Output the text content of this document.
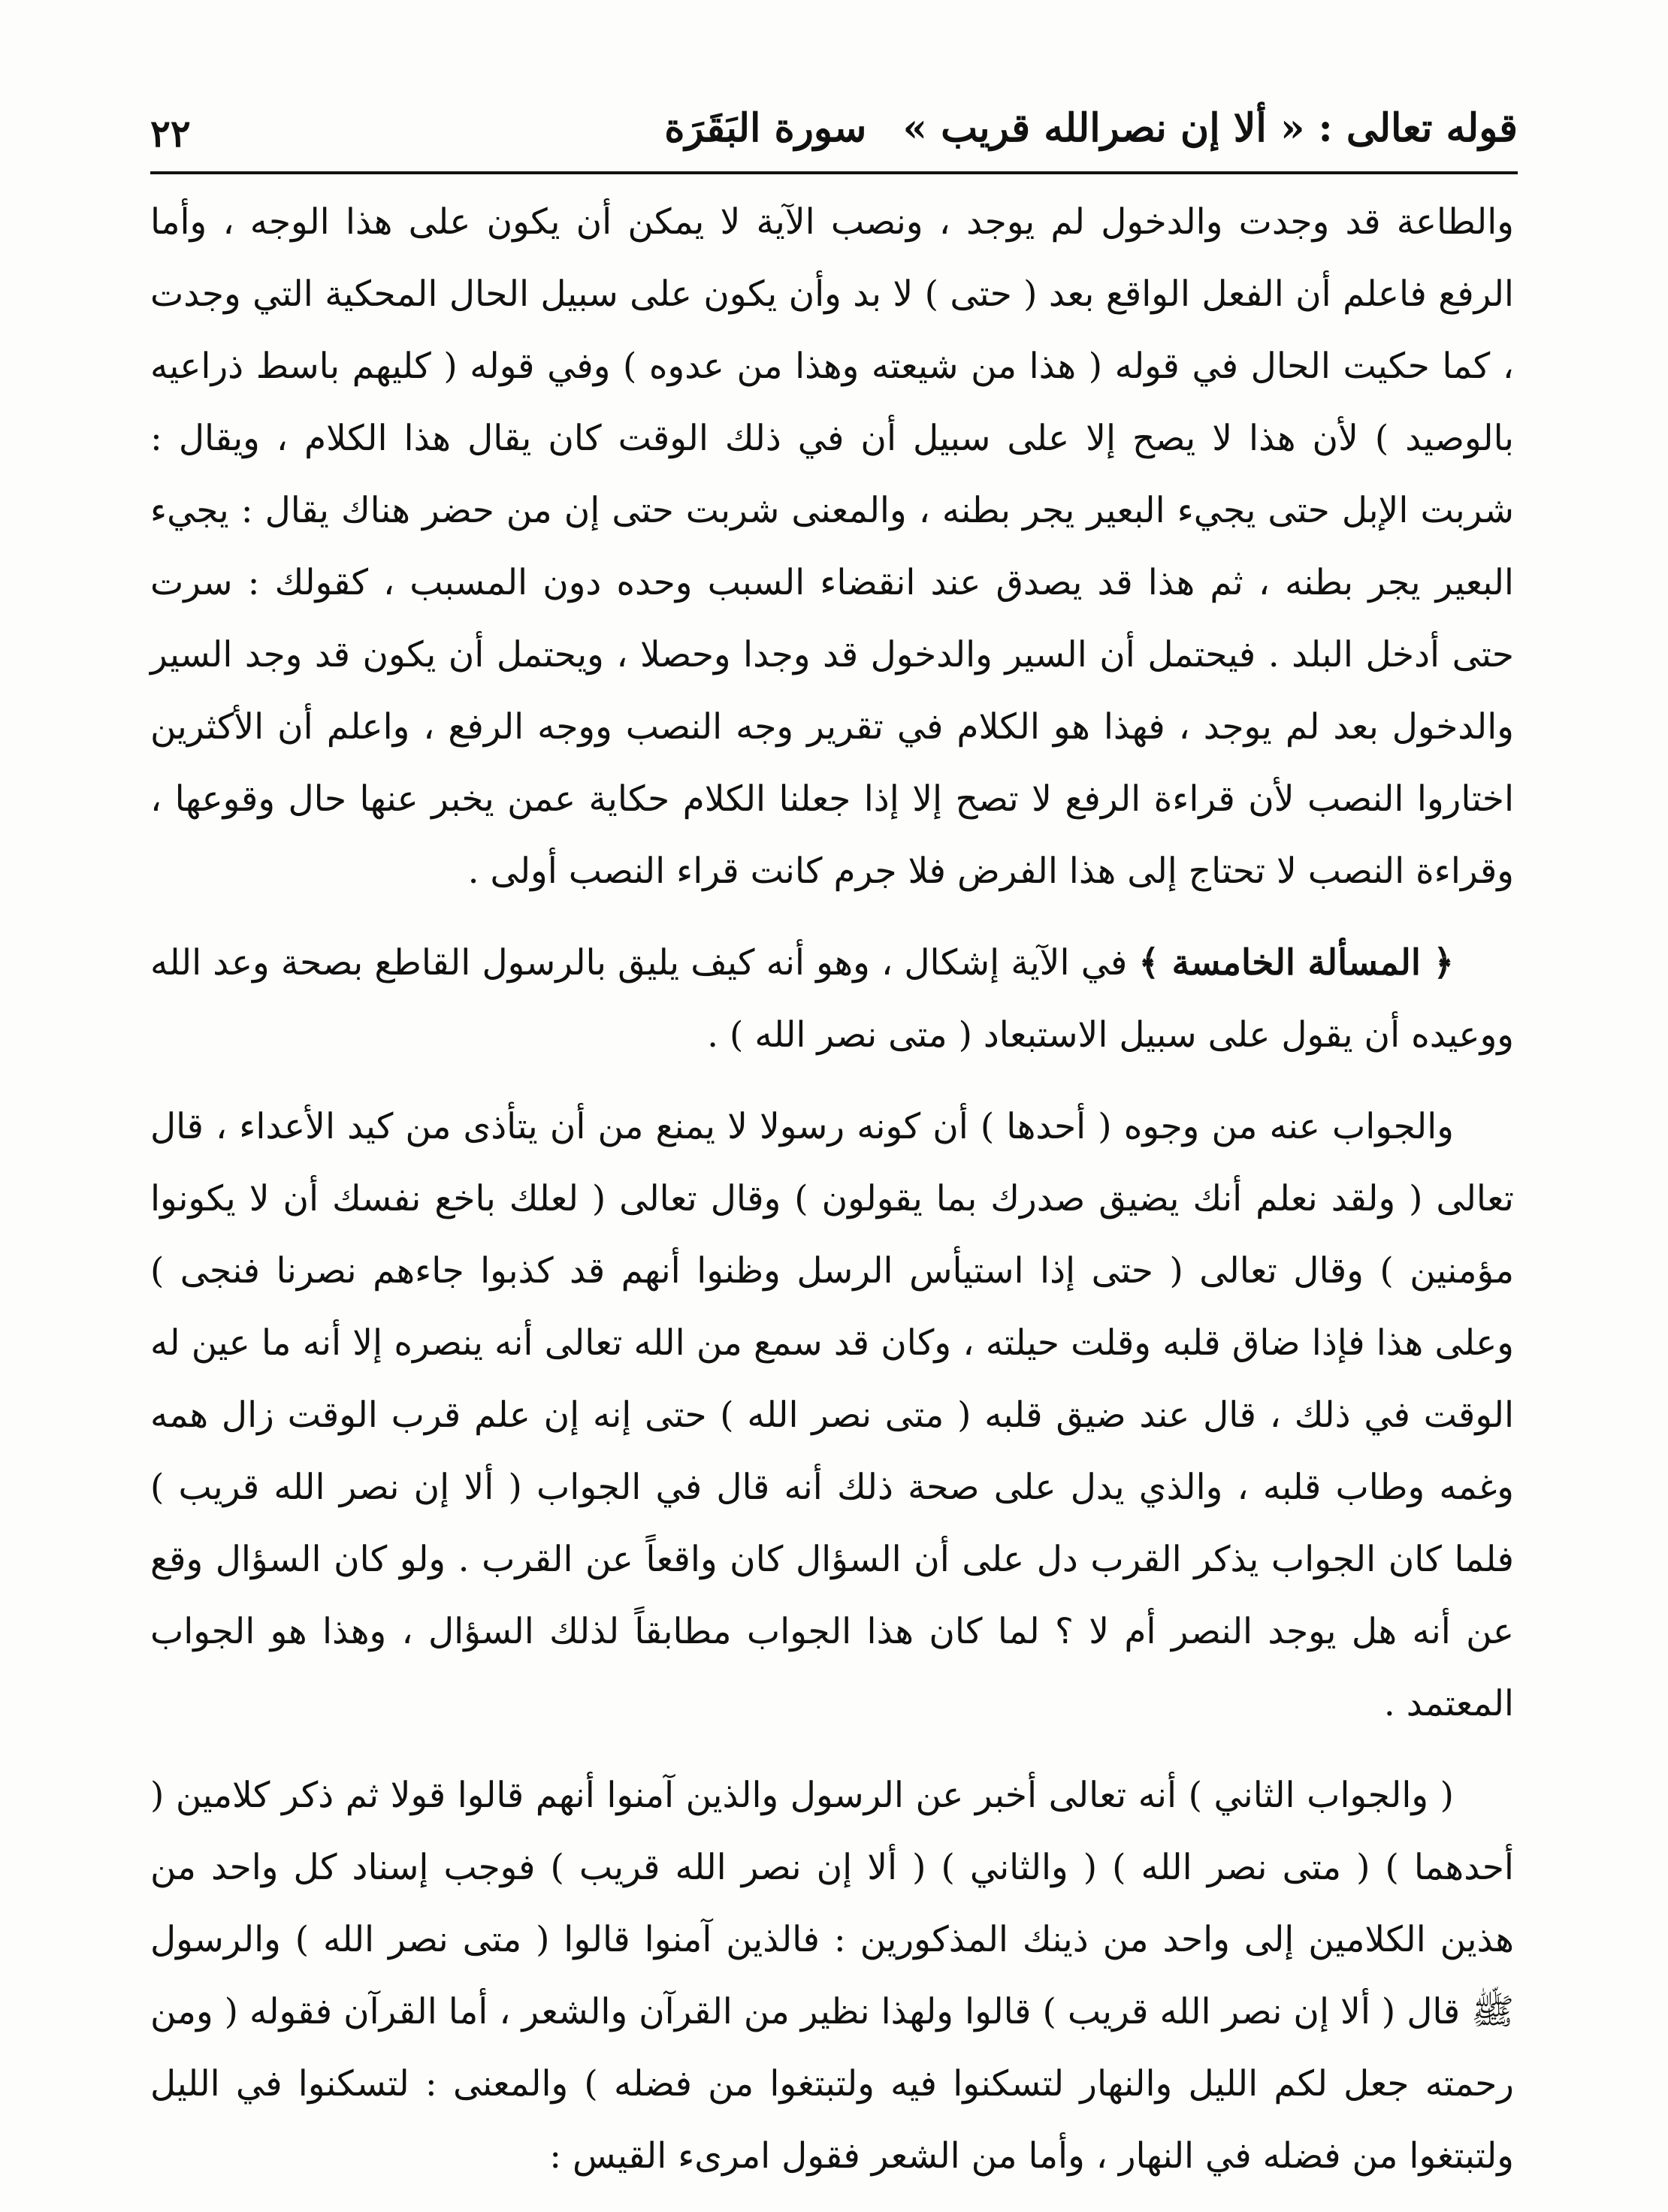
قوله تعالى : « ألا إن نصرالله قريب » سورة البَقَرَة
٢٢

والطاعة قد وجدت والدخول لم يوجد ، ونصب الآية لا يمكن أن يكون على هذا الوجه ، وأما الرفع فاعلم أن الفعل الواقع بعد ( حتى ) لا بد وأن يكون على سبيل الحال المحكية التي وجدت ، كما حكيت الحال في قوله ( هذا من شيعته وهذا من عدوه ) وفي قوله ( كليهم باسط ذراعيه بالوصيد ) لأن هذا لا يصح إلا على سبيل أن في ذلك الوقت كان يقال هذا الكلام ، ويقال : شربت الإبل حتى يجيء البعير يجر بطنه ، والمعنى شربت حتى إن من حضر هناك يقال : يجيء البعير يجر بطنه ، ثم هذا قد يصدق عند انقضاء السبب وحده دون المسبب ، كقولك : سرت حتى أدخل البلد . فيحتمل أن السير والدخول قد وجدا وحصلا ، ويحتمل أن يكون قد وجد السير والدخول بعد لم يوجد ، فهذا هو الكلام في تقرير وجه النصب ووجه الرفع ، واعلم أن الأكثرين اختاروا النصب لأن قراءة الرفع لا تصح إلا إذا جعلنا الكلام حكاية عمن يخبر عنها حال وقوعها ، وقراءة النصب لا تحتاج إلى هذا الفرض فلا جرم كانت قراء النصب أولى .

﴿ المسألة الخامسة ﴾ في الآية إشكال ، وهو أنه كيف يليق بالرسول القاطع بصحة وعد الله ووعيده أن يقول على سبيل الاستبعاد ( متى نصر الله ) .

والجواب عنه من وجوه ( أحدها ) أن كونه رسولا لا يمنع من أن يتأذى من كيد الأعداء ، قال تعالى ( ولقد نعلم أنك يضيق صدرك بما يقولون ) وقال تعالى ( لعلك باخع نفسك أن لا يكونوا مؤمنين ) وقال تعالى ( حتى إذا استيأس الرسل وظنوا أنهم قد كذبوا جاءهم نصرنا فنجى ) وعلى هذا فإذا ضاق قلبه وقلت حيلته ، وكان قد سمع من الله تعالى أنه ينصره إلا أنه ما عين له الوقت في ذلك ، قال عند ضيق قلبه ( متى نصر الله ) حتى إنه إن علم قرب الوقت زال همه وغمه وطاب قلبه ، والذي يدل على صحة ذلك أنه قال في الجواب ( ألا إن نصر الله قريب ) فلما كان الجواب يذكر القرب دل على أن السؤال كان واقعاً عن القرب . ولو كان السؤال وقع عن أنه هل يوجد النصر أم لا ؟ لما كان هذا الجواب مطابقاً لذلك السؤال ، وهذا هو الجواب المعتمد .

( والجواب الثاني ) أنه تعالى أخبر عن الرسول والذين آمنوا أنهم قالوا قولا ثم ذكر كلامين ( أحدهما ) ( متى نصر الله ) ( والثاني ) ( ألا إن نصر الله قريب ) فوجب إسناد كل واحد من هذين الكلامين إلى واحد من ذينك المذكورين : فالذين آمنوا قالوا ( متى نصر الله ) والرسول ﷺ قال ( ألا إن نصر الله قريب ) قالوا ولهذا نظير من القرآن والشعر ، أما القرآن فقوله ( ومن رحمته جعل لكم الليل والنهار لتسكنوا فيه ولتبتغوا من فضله ) والمعنى : لتسكنوا في الليل ولتبتغوا من فضله في النهار ، وأما من الشعر فقول امرىء القيس :
